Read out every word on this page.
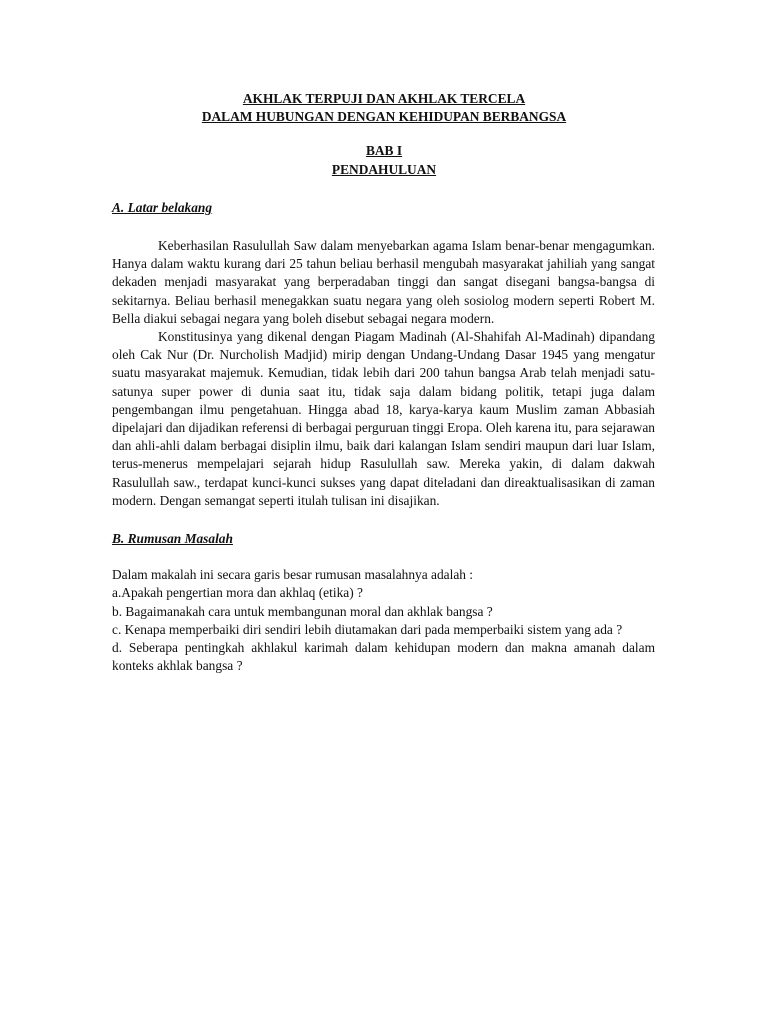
AKHLAK TERPUJI DAN AKHLAK TERCELA

DALAM HUBUNGAN DENGAN KEHIDUPAN BERBANGSA

BAB I

PENDAHULUAN

A. Latar belakang

Keberhasilan Rasulullah Saw dalam menyebarkan agama Islam benar-benar mengagumkan. Hanya dalam waktu kurang dari 25 tahun beliau berhasil mengubah masyarakat jahiliah yang sangat dekaden menjadi masyarakat yang berperadaban tinggi dan sangat disegani bangsa-bangsa di sekitarnya. Beliau berhasil menegakkan suatu negara yang oleh sosiolog modern seperti Robert M. Bella diakui sebagai negara yang boleh disebut sebagai negara modern.

Konstitusinya yang dikenal dengan Piagam Madinah (Al-Shahifah Al-Madinah) dipandang oleh Cak Nur (Dr. Nurcholish Madjid) mirip dengan Undang-Undang Dasar 1945 yang mengatur suatu masyarakat majemuk. Kemudian, tidak lebih dari 200 tahun bangsa Arab telah menjadi satu-satunya super power di dunia saat itu, tidak saja dalam bidang politik, tetapi juga dalam pengembangan ilmu pengetahuan. Hingga abad 18, karya-karya kaum Muslim zaman Abbasiah dipelajari dan dijadikan referensi di berbagai perguruan tinggi Eropa. Oleh karena itu, para sejarawan dan ahli-ahli dalam berbagai disiplin ilmu, baik dari kalangan Islam sendiri maupun dari luar Islam, terus-menerus mempelajari sejarah hidup Rasulullah saw. Mereka yakin, di dalam dakwah Rasulullah saw., terdapat kunci-kunci sukses yang dapat diteladani dan direaktualisasikan di zaman modern. Dengan semangat seperti itulah tulisan ini disajikan.

B. Rumusan Masalah

Dalam makalah ini secara garis besar rumusan masalahnya adalah :

a.Apakah pengertian mora dan akhlaq (etika) ?

b. Bagaimanakah cara untuk membangunan moral dan akhlak bangsa ?

c. Kenapa memperbaiki diri sendiri lebih diutamakan dari pada memperbaiki sistem yang ada ?

d. Seberapa pentingkah akhlakul karimah dalam kehidupan modern dan makna amanah dalam konteks akhlak bangsa ?
